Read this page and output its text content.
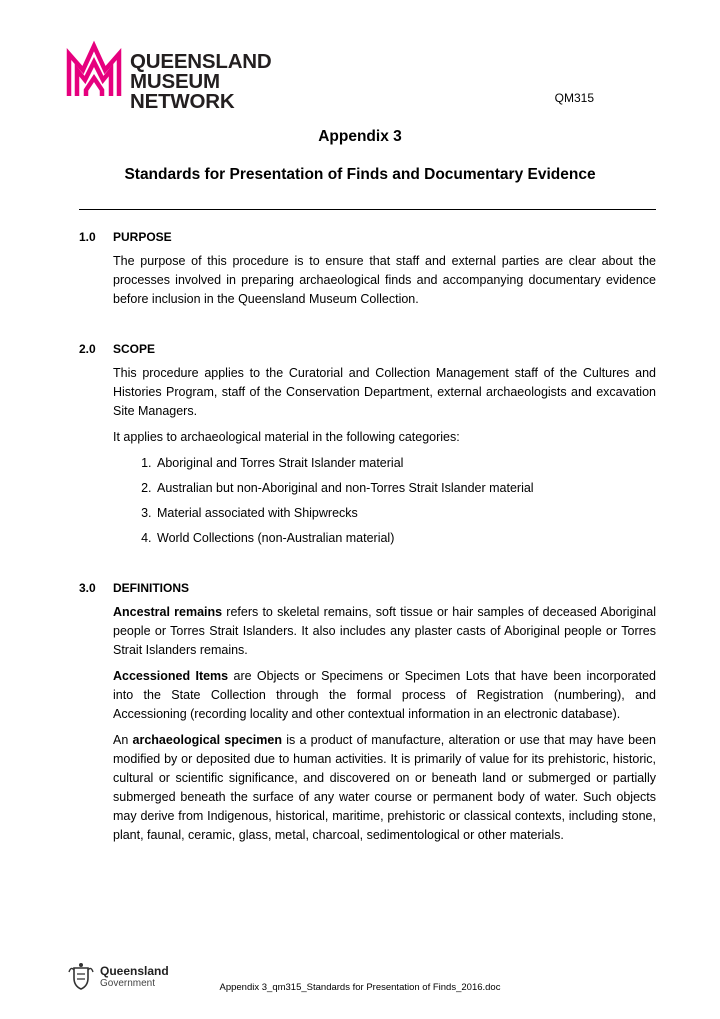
QUEENSLAND
MUSEUM NETWORK	QM315
Appendix 3
Standards for Presentation of Finds and Documentary Evidence
1.0 PURPOSE

The purpose of this procedure is to ensure that staff and external parties are clear about the processes involved in preparing archaeological finds and accompanying documentary evidence before inclusion in the Queensland Museum Collection.

2.0 SCOPE

This procedure applies to the Curatorial and Collection Management staff of the Cultures and Histories Program, staff of the Conservation Department, external archaeologists and excavation Site Managers.

It applies to archaeological material in the following categories:

1. Aboriginal and Torres Strait Islander material
2. Australian but non-Aboriginal and non-Torres Strait Islander material
3. Material associated with Shipwrecks
4. World Collections (non-Australian material)
3.0 DEFINITIONS

Ancestral remains refers to skeletal remains, soft tissue or hair samples of deceased Aboriginal people or Torres Strait Islanders. It also includes any plaster casts of Aboriginal people or Torres Strait Islanders remains.

Accessioned Items are Objects or Specimens or Specimen Lots that have been incorporated into the State Collection through the formal process of Registration (numbering), and Accessioning (recording locality and other contextual information in an electronic database).

An archaeological specimen is a product of manufacture, alteration or use that may have been modified by or deposited due to human activities. It is primarily of value for its prehistoric, historic, cultural or scientific significance, and discovered on or beneath land or submerged or partially submerged beneath the surface of any water course or permanent body of water. Such objects may derive from Indigenous, historical, maritime, prehistoric or classical contexts, including stone, plant, faunal, ceramic, glass, metal, charcoal, sedimentological or other materials.

Queensland
Government	Appendix 3_qm315_Standards for Presentation of Finds_2016.doc
